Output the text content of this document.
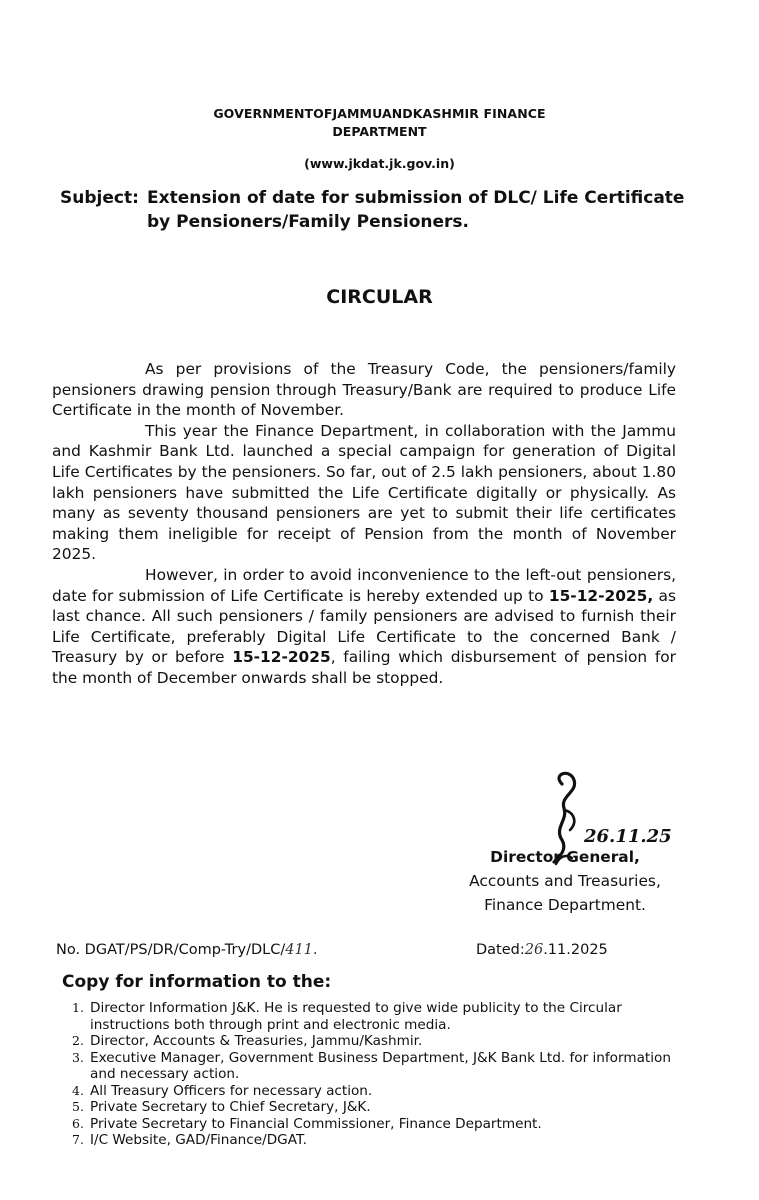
GOVERNMENTOFJAMMUANDKASHMIR FINANCE
DEPARTMENT
(www.jkdat.jk.gov.in)
Subject: Extension of date for submission of DLC/ Life Certificate
by Pensioners/Family Pensioners.
CIRCULAR

As per provisions of the Treasury Code, the pensioners/family pensioners drawing pension through Treasury/Bank are required to produce Life Certificate in the month of November.

This year the Finance Department, in collaboration with the Jammu and Kashmir Bank Ltd. launched a special campaign for generation of Digital Life Certificates by the pensioners. So far, out of 2.5 lakh pensioners, about 1.80 lakh pensioners have submitted the Life Certificate digitally or physically. As many as seventy thousand pensioners are yet to submit their life certificates making them ineligible for receipt of Pension from the month of November 2025.

However, in order to avoid inconvenience to the left-out pensioners, date for submission of Life Certificate is hereby extended up to 15-12-2025, as last chance. All such pensioners / family pensioners are advised to furnish their Life Certificate, preferably Digital Life Certificate to the concerned Bank / Treasury by or before 15-12-2025, failing which disbursement of pension for the month of December onwards shall be stopped.

26.11.25
Director General,
Accounts and Treasuries,
Finance Department.
No. DGAT/PS/DR/Comp-Try/DLC/411.	Dated:26.11.2025
Copy for information to the:
1. Director Information J&K. He is requested to give wide publicity to the Circular instructions both through print and electronic media.
2. Director, Accounts & Treasuries, Jammu/Kashmir.
3. Executive Manager, Government Business Department, J&K Bank Ltd. for information and necessary action.
4. All Treasury Officers for necessary action.
5. Private Secretary to Chief Secretary, J&K.
6. Private Secretary to Financial Commissioner, Finance Department.
7. I/C Website, GAD/Finance/DGAT.
